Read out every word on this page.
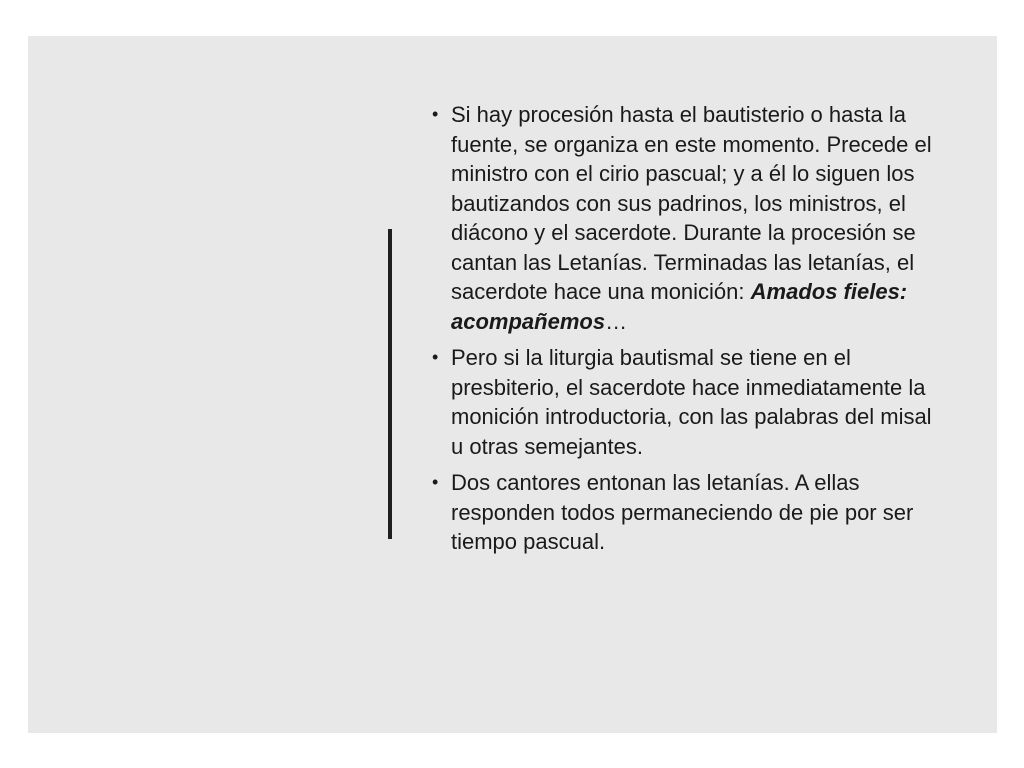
• Si hay procesión hasta el bautisterio o hasta la fuente, se organiza en este momento. Precede el ministro con el cirio pascual; y a él lo siguen los bautizandos con sus padrinos, los ministros, el diácono y el sacerdote. Durante la procesión se cantan las Letanías. Terminadas las letanías, el sacerdote hace una monición: Amados fieles: acompañemos…
• Pero si la liturgia bautismal se tiene en el presbiterio, el sacerdote hace inmediatamente la monición introductoria, con las palabras del misal u otras semejantes.
• Dos cantores entonan las letanías. A ellas responden todos permaneciendo de pie por ser tiempo pascual.
